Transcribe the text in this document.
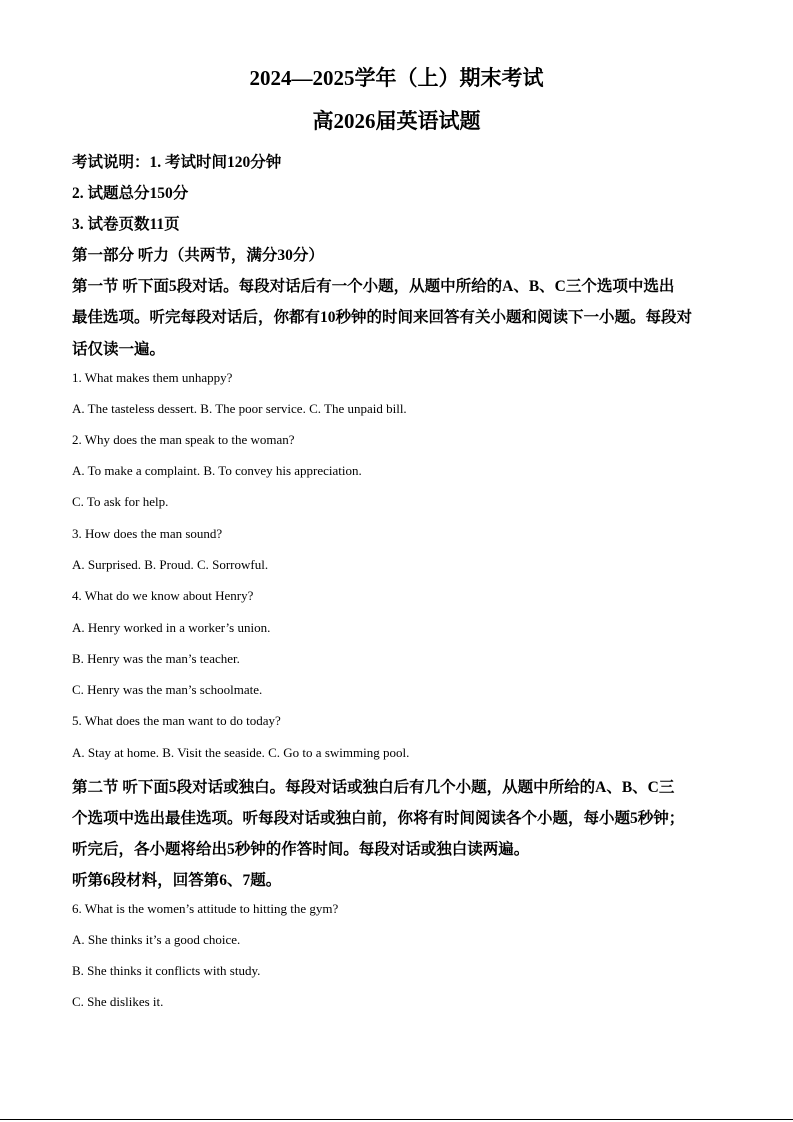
2024—2025学年（上）期末考试
高2026届英语试题
考试说明：1. 考试时间120分钟
2. 试题总分150分
3. 试卷页数11页
第一部分 听力（共两节，满分30分）
第一节 听下面5段对话。每段对话后有一个小题，从题中所给的A、B、C三个选项中选出
最佳选项。听完每段对话后，你都有10秒钟的时间来回答有关小题和阅读下一小题。每段对
话仅读一遍。
1. What makes them unhappy?
A. The tasteless dessert. B. The poor service. C. The unpaid bill.
2. Why does the man speak to the woman?
A. To make a complaint. B. To convey his appreciation.
C. To ask for help.
3. How does the man sound?
A. Surprised. B. Proud. C. Sorrowful.
4. What do we know about Henry?
A. Henry worked in a worker’s union.
B. Henry was the man’s teacher.
C. Henry was the man’s schoolmate.
5. What does the man want to do today?
A. Stay at home. B. Visit the seaside. C. Go to a swimming pool.
第二节 听下面5段对话或独白。每段对话或独白后有几个小题，从题中所给的A、B、C三
个选项中选出最佳选项。听每段对话或独白前，你将有时间阅读各个小题，每小题5秒钟；
听完后，各小题将给出5秒钟的作答时间。每段对话或独白读两遍。
听第6段材料，回答第6、7题。
6. What is the women’s attitude to hitting the gym?
A. She thinks it’s a good choice.
B. She thinks it conflicts with study.
C. She dislikes it.
